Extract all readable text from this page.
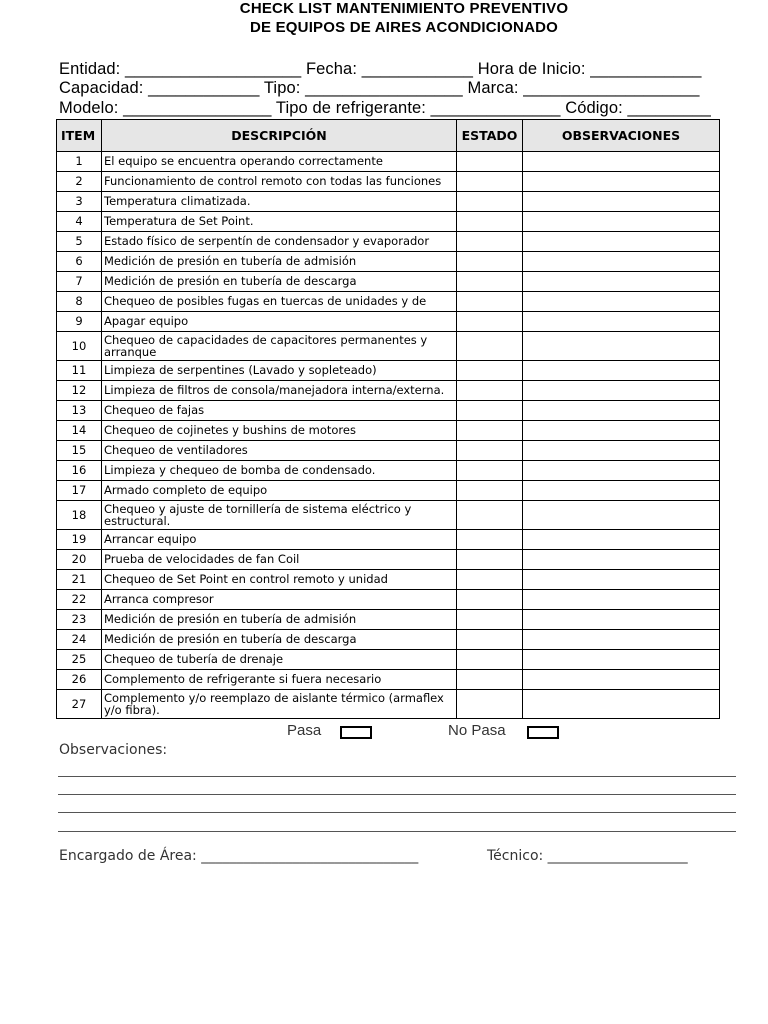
CHECK LIST MANTENIMIENTO PREVENTIVO
DE EQUIPOS DE AIRES ACONDICIONADO
Entidad: ___________________ Fecha: ____________ Hora de Inicio: ____________
Capacidad: ____________ Tipo: _________________ Marca: ___________________
Modelo: ________________ Tipo de refrigerante: ______________ Código: _________
ITEM	DESCRIPCIÓN	ESTADO	OBSERVACIONES
1	El equipo se encuentra operando correctamente		
2	Funcionamiento de control remoto con todas las funciones		
3	Temperatura climatizada.		
4	Temperatura de Set Point.		
5	Estado físico de serpentín de condensador y evaporador		
6	Medición de presión en tubería de admisión		
7	Medición de presión en tubería de descarga		
8	Chequeo de posibles fugas en tuercas de unidades y de		
9	Apagar equipo		
10	Chequeo de capacidades de capacitores permanentes y arranque		
11	Limpieza de serpentines (Lavado y sopleteado)		
12	Limpieza de filtros de consola/manejadora interna/externa.		
13	Chequeo de fajas		
14	Chequeo de cojinetes y bushins de motores		
15	Chequeo de ventiladores		
16	Limpieza y chequeo de bomba de condensado.		
17	Armado completo de equipo		
18	Chequeo y ajuste de tornillería de sistema eléctrico y estructural.		
19	Arrancar equipo		
20	Prueba de velocidades de fan Coil		
21	Chequeo de Set Point en control remoto y unidad		
22	Arranca compresor		
23	Medición de presión en tubería de admisión		
24	Medición de presión en tubería de descarga		
25	Chequeo de tubería de drenaje		
26	Complemento de refrigerante si fuera necesario		
27	Complemento y/o reemplazo de aislante térmico (armaflex y/o fibra).		
Pasa	No Pasa
Observaciones:
Encargado de Área: _______________________________	Técnico: ____________________
